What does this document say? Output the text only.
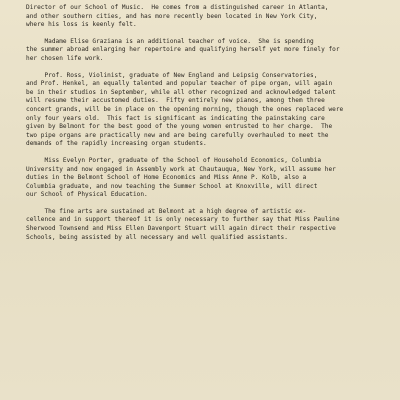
Director of our School of Music.  He comes from a distinguished career in Atlanta,
and other southern cities, and has more recently been located in New York City,
where his loss is keenly felt.
Madame Elise Graziana is an additional teacher of voice.  She is spending
the summer abroad enlarging her repertoire and qualifying herself yet more finely for
her chosen life work.
Prof. Ross, Violinist, graduate of New England and Leipsig Conservatories,
and Prof. Henkel, an equally talented and popular teacher of pipe organ, will again
be in their studios in September, while all other recognized and acknowledged talent
will resume their accustomed duties.  Fifty entirely new pianos, among them three
concert grands, will be in place on the opening morning, though the ones replaced were
only four years old.  This fact is significant as indicating the painstaking care
given by Belmont for the best good of the young women entrusted to her charge.  The
two pipe organs are practically new and are being carefully overhauled to meet the
demands of the rapidly increasing organ students.
Miss Evelyn Porter, graduate of the School of Household Economics, Columbia
University and now engaged in Assembly work at Chautauqua, New York, will assume her
duties in the Belmont School of Home Economics and Miss Anne P. Kolb, also a
Columbia graduate, and now teaching the Summer School at Knoxville, will direct
our School of Physical Education.
The fine arts are sustained at Belmont at a high degree of artistic ex-
cellence and in support thereof it is only necessary to further say that Miss Pauline
Sherwood Townsend and Miss Ellen Davenport Stuart will again direct their respective
Schools, being assisted by all necessary and well qualified assistants.
